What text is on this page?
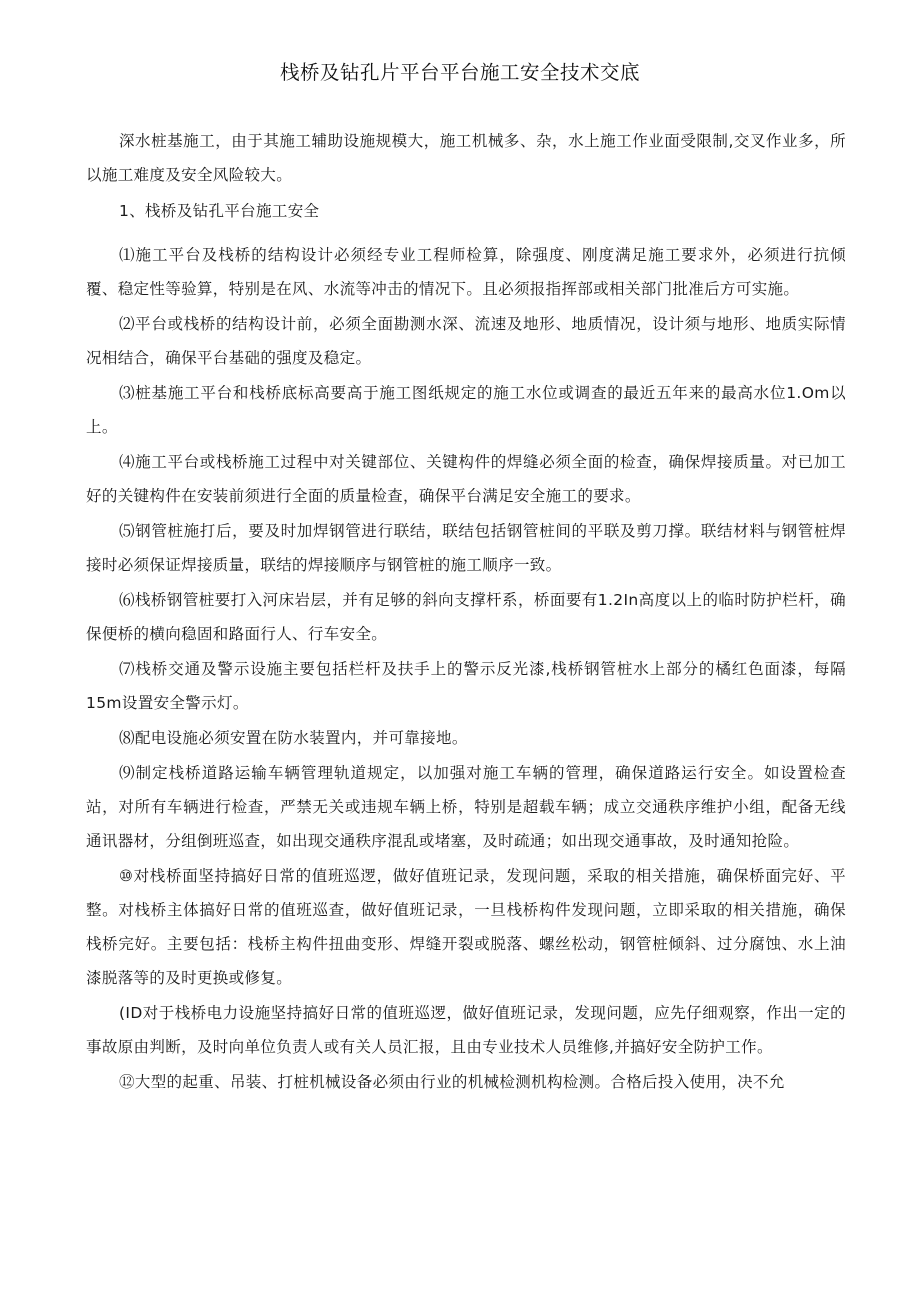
栈桥及钻孔片平台平台施工安全技术交底

深水桩基施工，由于其施工辅助设施规模大，施工机械多、杂，水上施工作业面受限制,交叉作业多，所以施工难度及安全风险较大。

1、栈桥及钻孔平台施工安全

⑴施工平台及栈桥的结构设计必须经专业工程师检算，除强度、刚度满足施工要求外，必须进行抗倾覆、稳定性等验算，特别是在风、水流等冲击的情况下。且必须报指挥部或相关部门批准后方可实施。

⑵平台或栈桥的结构设计前，必须全面勘测水深、流速及地形、地质情况，设计须与地形、地质实际情况相结合，确保平台基础的强度及稳定。

⑶桩基施工平台和栈桥底标高要高于施工图纸规定的施工水位或调查的最近五年来的最高水位1.Om以上。

⑷施工平台或栈桥施工过程中对关键部位、关键构件的焊缝必须全面的检查，确保焊接质量。对已加工好的关键构件在安装前须进行全面的质量检查，确保平台满足安全施工的要求。

⑸钢管桩施打后，要及时加焊钢管进行联结，联结包括钢管桩间的平联及剪刀撑。联结材料与钢管桩焊接时必须保证焊接质量，联结的焊接顺序与钢管桩的施工顺序一致。

⑹栈桥钢管桩要打入河床岩层，并有足够的斜向支撑杆系，桥面要有1.2In高度以上的临时防护栏杆，确保便桥的横向稳固和路面行人、行车安全。

⑺栈桥交通及警示设施主要包括栏杆及扶手上的警示反光漆,栈桥钢管桩水上部分的橘红色面漆，每隔15m设置安全警示灯。

⑻配电设施必须安置在防水装置内，并可靠接地。

⑼制定栈桥道路运输车辆管理轨道规定，以加强对施工车辆的管理，确保道路运行安全。如设置检查站，对所有车辆进行检查，严禁无关或违规车辆上桥，特别是超载车辆；成立交通秩序维护小组，配备无线通讯器材，分组倒班巡查，如出现交通秩序混乱或堵塞，及时疏通；如出现交通事故，及时通知抢险。

⑩对栈桥面坚持搞好日常的值班巡逻，做好值班记录，发现问题，采取的相关措施，确保桥面完好、平整。对栈桥主体搞好日常的值班巡查，做好值班记录，一旦栈桥构件发现问题，立即采取的相关措施，确保栈桥完好。主要包括：栈桥主构件扭曲变形、焊缝开裂或脱落、螺丝松动，钢管桩倾斜、过分腐蚀、水上油漆脱落等的及时更换或修复。

(ID对于栈桥电力设施坚持搞好日常的值班巡逻，做好值班记录，发现问题，应先仔细观察，作出一定的事故原由判断，及时向单位负责人或有关人员汇报，且由专业技术人员维修,并搞好安全防护工作。

⑫大型的起重、吊装、打桩机械设备必须由行业的机械检测机构检测。合格后投入使用，决不允
